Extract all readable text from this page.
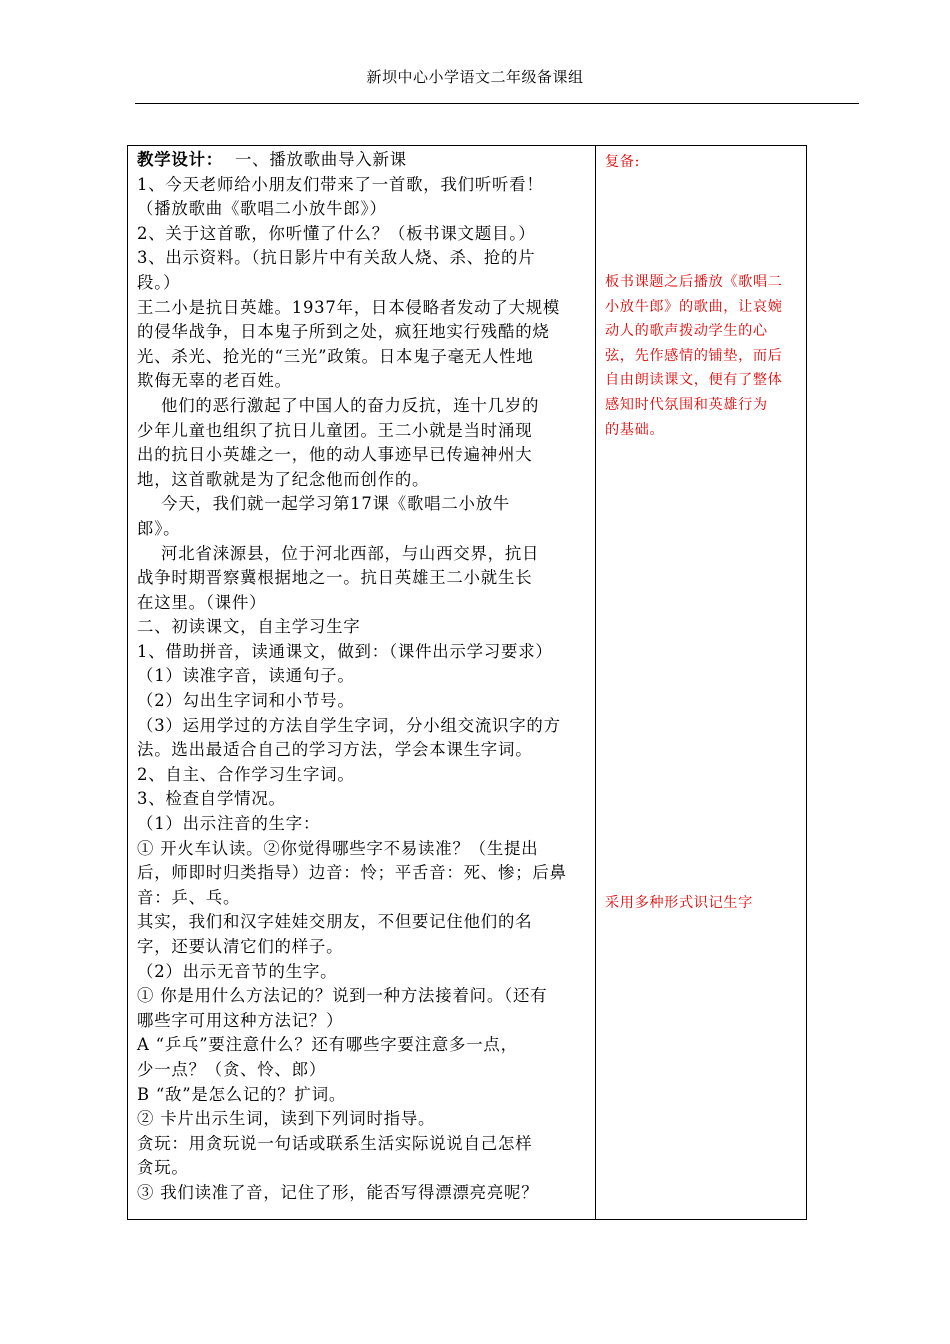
新坝中心小学语文二年级备课组
教学设计： 一、播放歌曲导入新课
1、今天老师给小朋友们带来了一首歌，我们听听看！
（播放歌曲《歌唱二小放牛郎》）
2、关于这首歌，你听懂了什么？（板书课文题目。）
3、出示资料。（抗日影片中有关敌人烧、杀、抢的片
段。）
王二小是抗日英雄。1937年，日本侵略者发动了大规模
的侵华战争，日本鬼子所到之处，疯狂地实行残酷的烧
光、杀光、抢光的“三光”政策。日本鬼子毫无人性地
欺侮无辜的老百姓。
他们的恶行激起了中国人的奋力反抗，连十几岁的
少年儿童也组织了抗日儿童团。王二小就是当时涌现
出的抗日小英雄之一，他的动人事迹早已传遍神州大
地，这首歌就是为了纪念他而创作的。
今天，我们就一起学习第17课《歌唱二小放牛
郎》。
河北省涞源县，位于河北西部，与山西交界，抗日
战争时期晋察冀根据地之一。抗日英雄王二小就生长
在这里。（课件）
二、初读课文，自主学习生字
1、借助拼音，读通课文，做到：（课件出示学习要求）
（1）读准字音，读通句子。
（2）勾出生字词和小节号。
（3）运用学过的方法自学生字词，分小组交流识字的方
法。选出最适合自己的学习方法，学会本课生字词。
2、自主、合作学习生字词。
3、检查自学情况。
（1）出示注音的生字：
① 开火车认读。②你觉得哪些字不易读准？（生提出
后，师即时归类指导）边音：怜；平舌音：死、惨；后鼻
音：乒、乓。
其实，我们和汉字娃娃交朋友，不但要记住他们的名
字，还要认清它们的样子。
（2）出示无音节的生字。
① 你是用什么方法记的？说到一种方法接着问。（还有
哪些字可用这种方法记？）
A “乒乓”要注意什么？还有哪些字要注意多一点，
少一点？（贪、怜、郎）
B “敌”是怎么记的？扩词。
② 卡片出示生词，读到下列词时指导。
贪玩：用贪玩说一句话或联系生活实际说说自己怎样
贪玩。
③ 我们读准了音，记住了形，能否写得漂漂亮亮呢？
复备:
板书课题之后播放《歌唱二
小放牛郎》的歌曲，让哀婉
动人的歌声拨动学生的心
弦，先作感情的铺垫，而后
自由朗读课文，便有了整体
感知时代氛围和英雄行为
的基础。
采用多种形式识记生字
